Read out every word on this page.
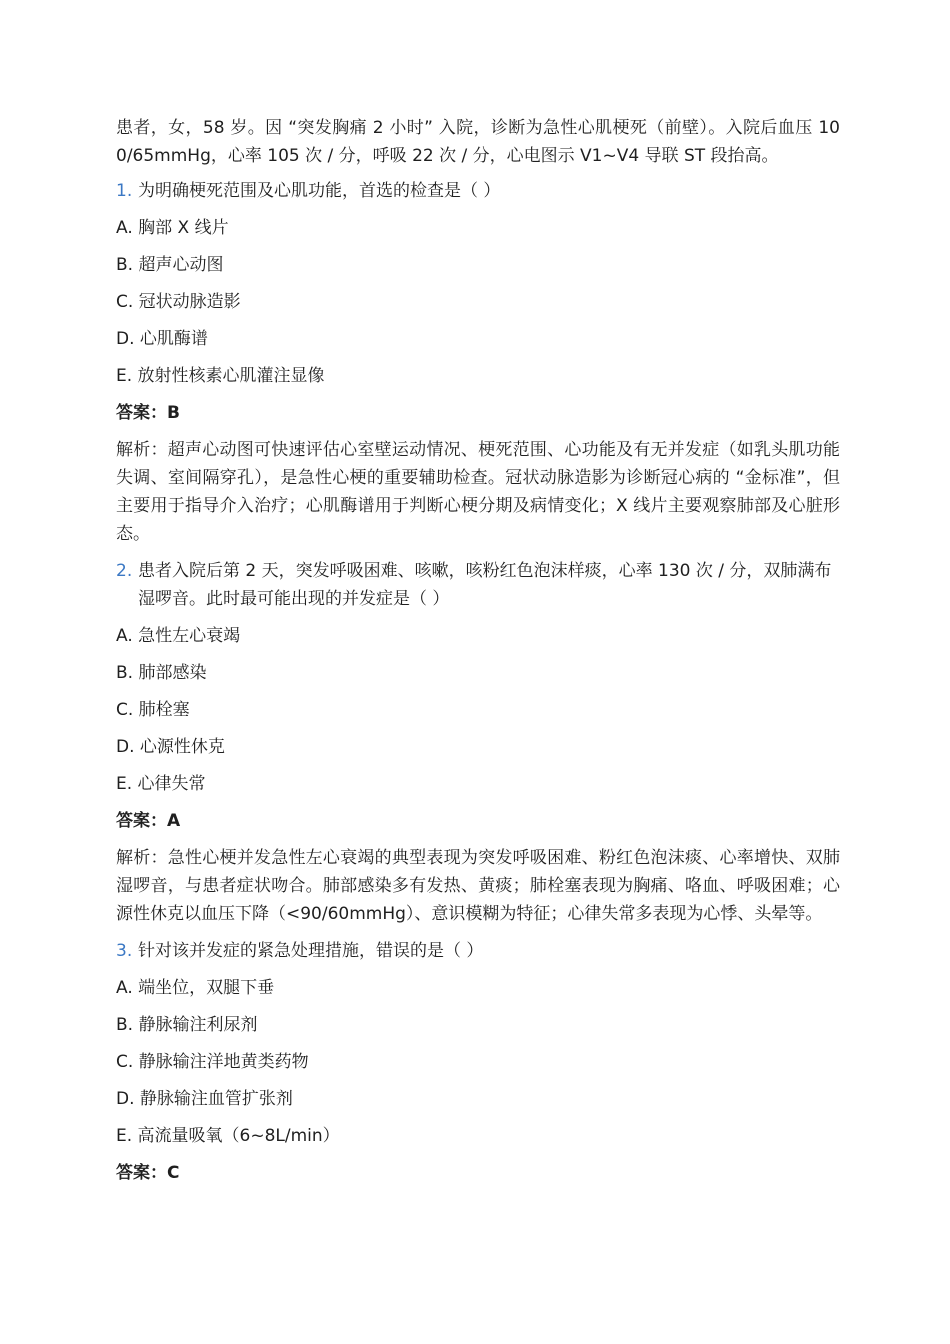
患者，女，58 岁。因 “突发胸痛 2 小时” 入院，诊断为急性心肌梗死（前壁）。入院后血压 100/65mmHg，心率 105 次 / 分，呼吸 22 次 / 分，心电图示 V1~V4 导联 ST 段抬高。

1. 为明确梗死范围及心肌功能，首选的检查是（ ）
A. 胸部 X 线片
B. 超声心动图
C. 冠状动脉造影
D. 心肌酶谱
E. 放射性核素心肌灌注显像
答案：B

解析：超声心动图可快速评估心室壁运动情况、梗死范围、心功能及有无并发症（如乳头肌功能失调、室间隔穿孔），是急性心梗的重要辅助检查。冠状动脉造影为诊断冠心病的 “金标准”，但主要用于指导介入治疗；心肌酶谱用于判断心梗分期及病情变化；X 线片主要观察肺部及心脏形态。

2. 患者入院后第 2 天，突发呼吸困难、咳嗽，咳粉红色泡沫样痰，心率 130 次 / 分，双肺满布湿啰音。此时最可能出现的并发症是（ ）
A. 急性左心衰竭
B. 肺部感染
C. 肺栓塞
D. 心源性休克
E. 心律失常
答案：A

解析：急性心梗并发急性左心衰竭的典型表现为突发呼吸困难、粉红色泡沫痰、心率增快、双肺湿啰音，与患者症状吻合。肺部感染多有发热、黄痰；肺栓塞表现为胸痛、咯血、呼吸困难；心源性休克以血压下降（<90/60mmHg）、意识模糊为特征；心律失常多表现为心悸、头晕等。

3. 针对该并发症的紧急处理措施，错误的是（ ）
A. 端坐位，双腿下垂
B. 静脉输注利尿剂
C. 静脉输注洋地黄类药物
D. 静脉输注血管扩张剂
E. 高流量吸氧（6~8L/min）
答案：C
